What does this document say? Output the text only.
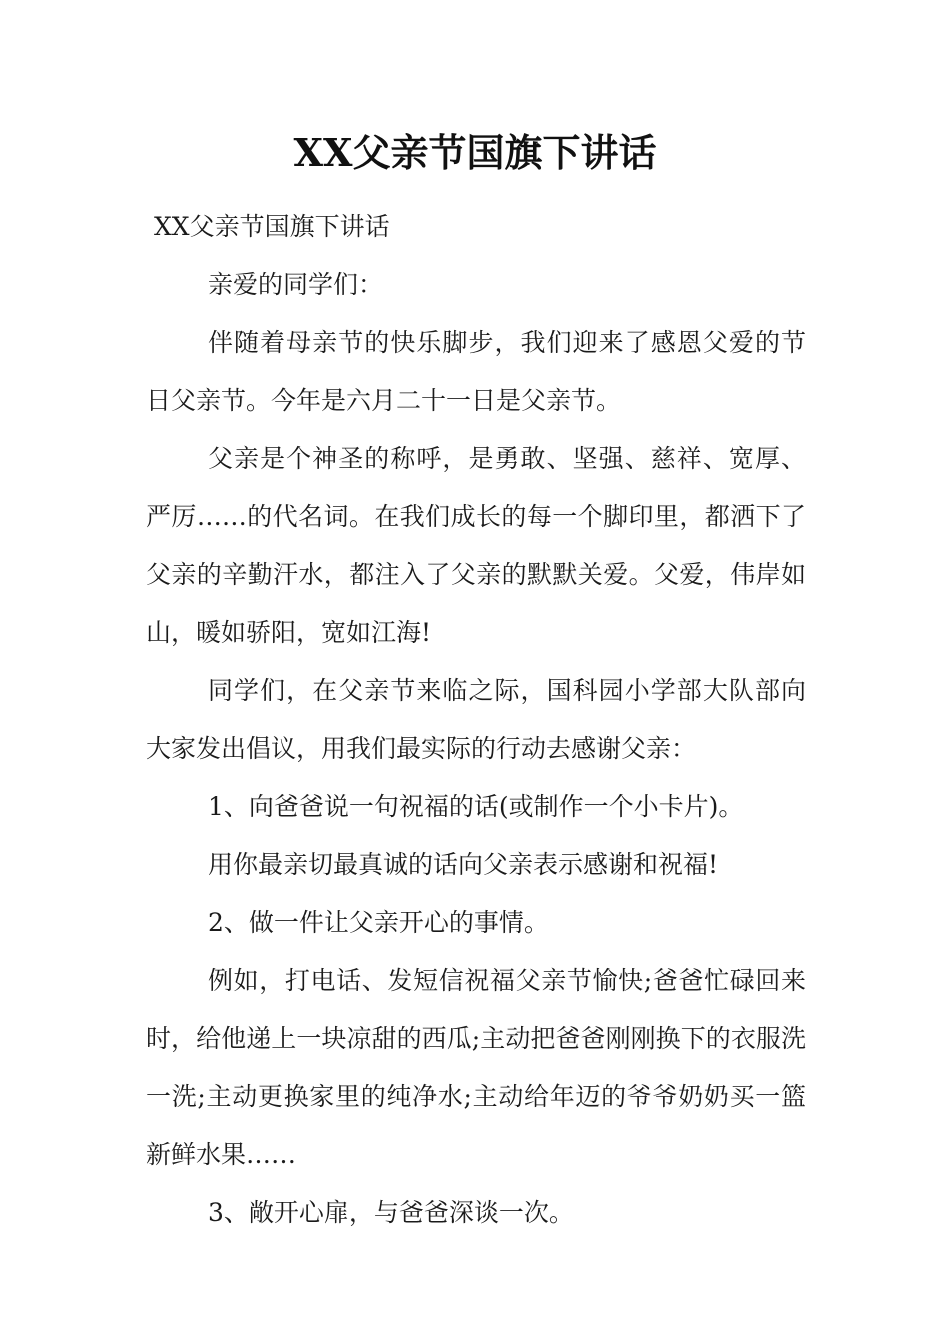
XX父亲节国旗下讲话

XX父亲节国旗下讲话

亲爱的同学们：

伴随着母亲节的快乐脚步，我们迎来了感恩父爱的节日父亲节。今年是六月二十一日是父亲节。

父亲是个神圣的称呼，是勇敢、坚强、慈祥、宽厚、严厉……的代名词。在我们成长的每一个脚印里，都洒下了父亲的辛勤汗水，都注入了父亲的默默关爱。父爱，伟岸如山，暖如骄阳，宽如江海!

同学们，在父亲节来临之际，国科园小学部大队部向大家发出倡议，用我们最实际的行动去感谢父亲：

1、向爸爸说一句祝福的话(或制作一个小卡片)。

用你最亲切最真诚的话向父亲表示感谢和祝福!

2、做一件让父亲开心的事情。

例如，打电话、发短信祝福父亲节愉快;爸爸忙碌回来时，给他递上一块凉甜的西瓜;主动把爸爸刚刚换下的衣服洗一洗;主动更换家里的纯净水;主动给年迈的爷爷奶奶买一篮新鲜水果……

3、敞开心扉，与爸爸深谈一次。
